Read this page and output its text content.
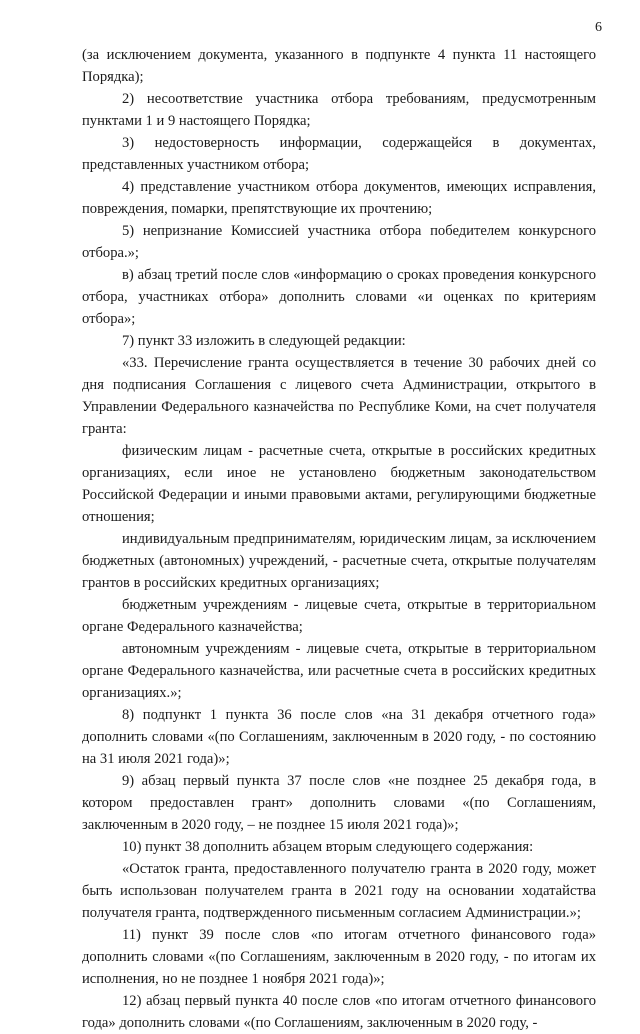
6

(за исключением документа, указанного в подпункте 4 пункта 11 настоящего Порядка);

2) несоответствие участника отбора требованиям, предусмотренным пунктами 1 и 9 настоящего Порядка;

3) недостоверность информации, содержащейся в документах, представленных участником отбора;

4) представление участником отбора документов, имеющих исправления, повреждения, помарки, препятствующие их прочтению;

5) непризнание Комиссией участника отбора победителем конкурсного отбора.»;

в) абзац третий после слов «информацию о сроках проведения конкурсного отбора, участниках отбора» дополнить словами «и оценках по критериям отбора»;

7) пункт 33 изложить в следующей редакции:

«33. Перечисление гранта осуществляется в течение 30 рабочих дней со дня подписания Соглашения с лицевого счета Администрации, открытого в Управлении Федерального казначейства по Республике Коми, на счет получателя гранта:

физическим лицам - расчетные счета, открытые в российских кредитных организациях, если иное не установлено бюджетным законодательством Российской Федерации и иными правовыми актами, регулирующими бюджетные отношения;

индивидуальным предпринимателям, юридическим лицам, за исключением бюджетных (автономных) учреждений, - расчетные счета, открытые получателям грантов в российских кредитных организациях;

бюджетным учреждениям - лицевые счета, открытые в территориальном органе Федерального казначейства;

автономным учреждениям - лицевые счета, открытые в территориальном органе Федерального казначейства, или расчетные счета в российских кредитных организациях.»;

8) подпункт 1 пункта 36 после слов «на 31 декабря отчетного года» дополнить словами «(по Соглашениям, заключенным в 2020 году, - по состоянию на 31 июля 2021 года)»;

9) абзац первый пункта 37 после слов «не позднее 25 декабря года, в котором предоставлен грант» дополнить словами «(по Соглашениям, заключенным в 2020 году, – не позднее 15 июля 2021 года)»;

10) пункт 38 дополнить абзацем вторым следующего содержания:

«Остаток гранта, предоставленного получателю гранта в 2020 году, может быть использован получателем гранта в 2021 году на основании ходатайства получателя гранта, подтвержденного письменным согласием Администрации.»;

11) пункт 39 после слов «по итогам отчетного финансового года» дополнить словами «(по Соглашениям, заключенным в 2020 году, - по итогам их исполнения, но не позднее 1 ноября 2021 года)»;

12) абзац первый пункта 40 после слов «по итогам отчетного финансового года» дополнить словами «(по Соглашениям, заключенным в 2020 году, -
